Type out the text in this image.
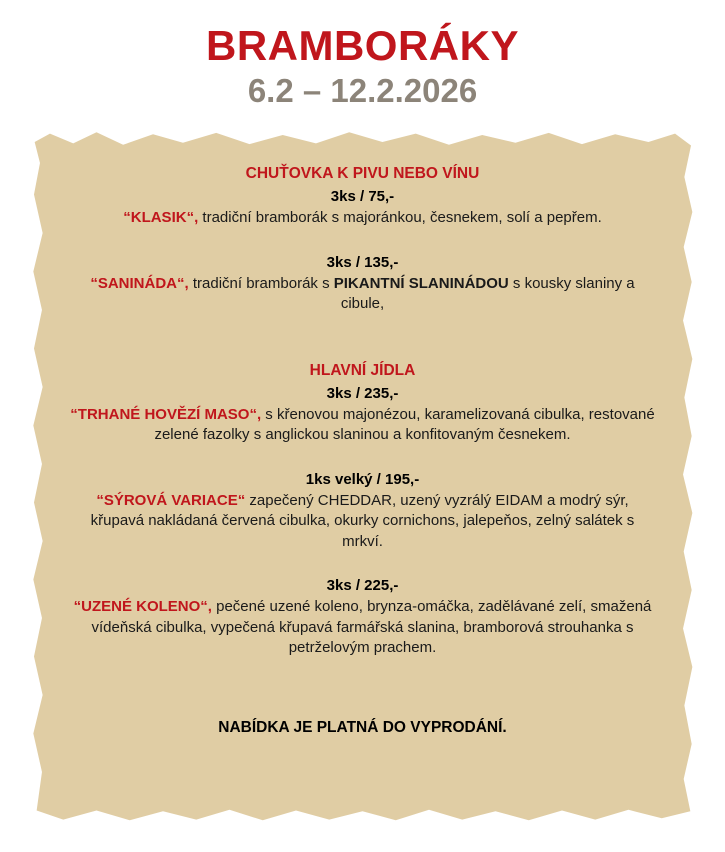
BRAMBORÁKY
6.2 – 12.2.2026
CHUŤOVKA K PIVU NEBO VÍNU
3ks / 75,-
“KLASIK“, tradiční bramborák s majoránkou, česnekem, solí a pepřem.
3ks / 135,-
“SANINÁDA“, tradiční bramborák s PIKANTNÍ SLANINÁDOU s kousky slaniny a cibule,
HLAVNÍ JÍDLA
3ks / 235,-
“TRHANÉ HOVĚZÍ MASO“, s křenovou majonézou, karamelizovaná cibulka, restované zelené fazolky s anglickou slaninou a konfitovaným česnekem.
1ks velký / 195,-
“SÝROVÁ VARIACE“ zapečený CHEDDAR, uzený vyzrálý EIDAM a modrý sýr, křupavá nakládaná červená cibulka, okurky cornichons, jalepeňos, zelný salátek s mrkví.
3ks / 225,-
“UZENÉ KOLENO“, pečené uzené koleno, brynza-omáčka, zadělávané zelí, smažená vídeňská cibulka, vypečená křupavá farmářská slanina, bramborová strouhanka s petrželovým prachem.
NABÍDKA JE PLATNÁ DO VYPRODÁNÍ.
